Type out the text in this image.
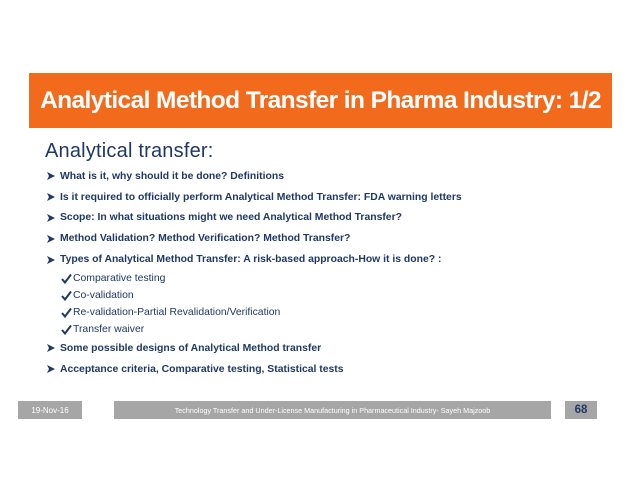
Analytical Method Transfer in Pharma Industry: 1/2
Analytical transfer:
What is it, why should it be done? Definitions
Is it required to officially perform Analytical Method Transfer: FDA warning letters
Scope: In what situations might we need Analytical Method Transfer?
Method Validation? Method Verification? Method Transfer?
Types of Analytical Method Transfer: A risk-based approach-How it is done? :
Comparative testing
Co-validation
Re-validation-Partial Revalidation/Verification
Transfer waiver
Some possible designs of Analytical Method transfer
Acceptance criteria, Comparative testing, Statistical tests
19-Nov-16	Technology Transfer and Under-License Manufacturing in Pharmaceutical Industry- Sayeh Majzoob	68
